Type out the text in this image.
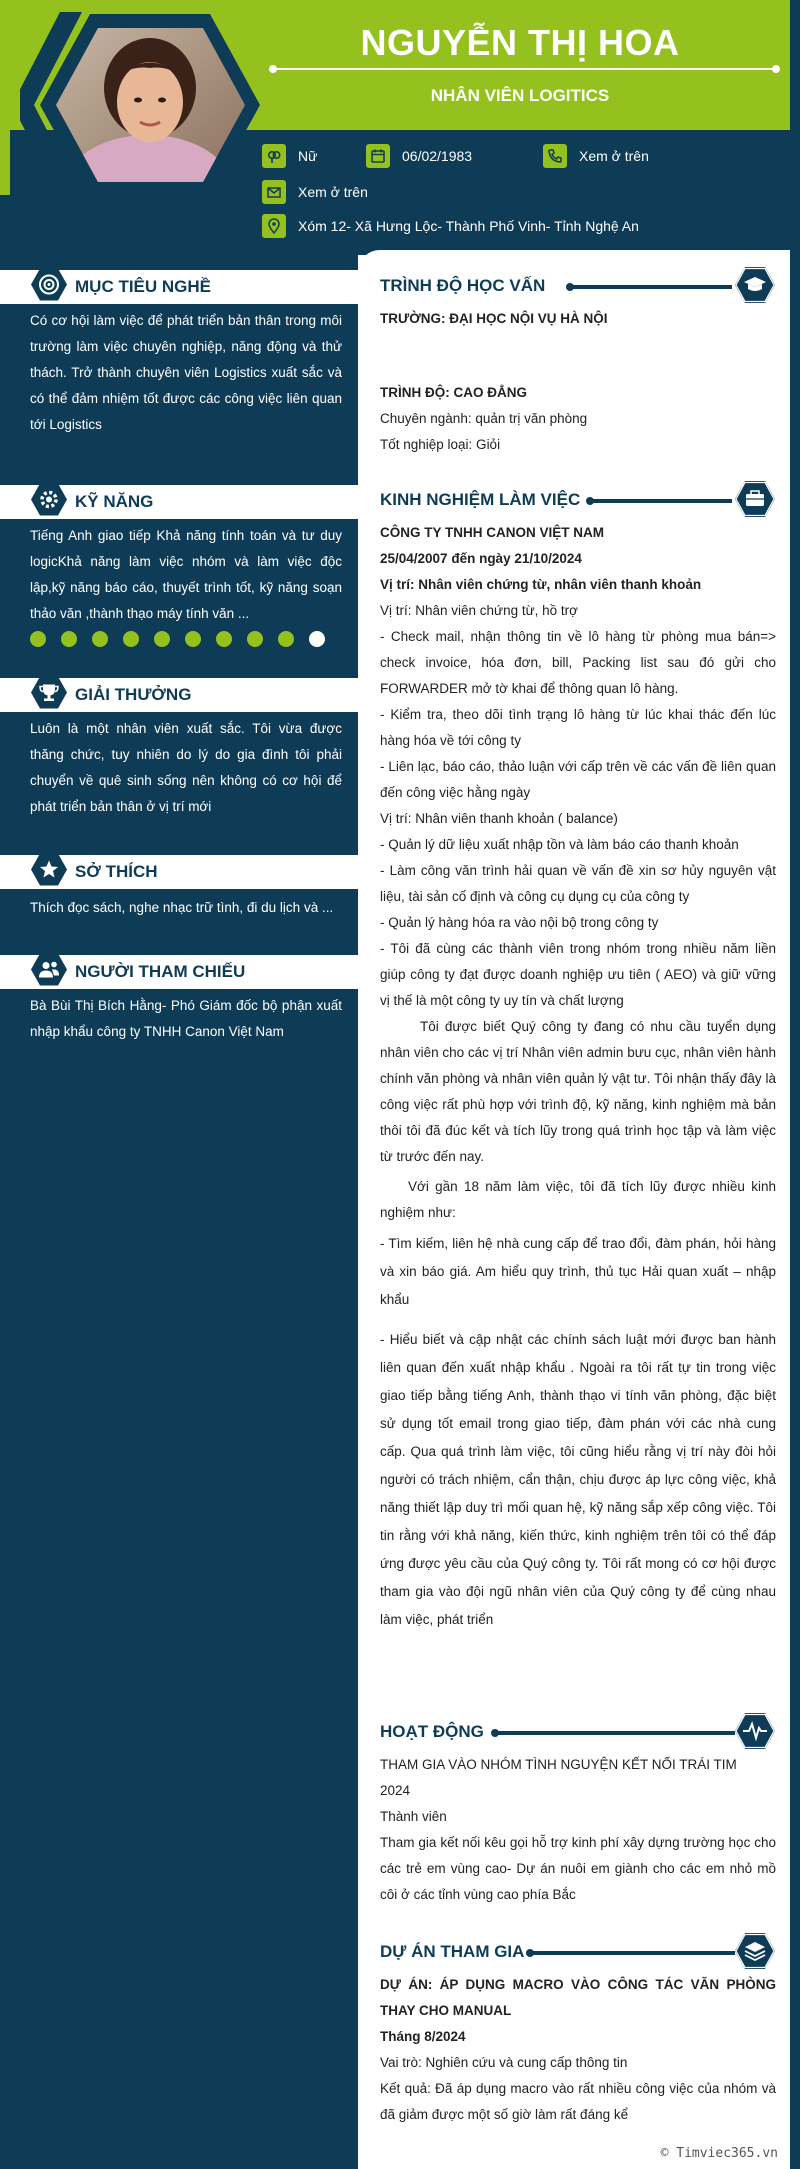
NGUYỄN THỊ HOA
NHÂN VIÊN LOGITICS
Nữ	06/02/1983	Xem ở trên
Xem ở trên
Xóm 12- Xã Hưng Lộc- Thành Phố Vinh- Tỉnh Nghệ An
MỤC TIÊU NGHỀ
Có cơ hội làm việc để phát triển bản thân trong môi trường làm việc chuyên nghiệp, năng động và thử thách. Trở thành chuyên viên Logistics xuất sắc và có thể đảm nhiệm tốt được các công việc liên quan tới Logistics
KỸ NĂNG
Tiếng Anh giao tiếp Khả năng tính toán và tư duy logicKhả năng làm việc nhóm và làm việc độc lập,kỹ năng báo cáo, thuyết trình tốt, kỹ năng soạn thảo văn ,thành thạo máy tính văn ...
GIẢI THƯỞNG
Luôn là một nhân viên xuất sắc. Tôi vừa được thăng chức, tuy nhiên do lý do gia đình tôi phải chuyển về quê sinh sống nên không có cơ hội để phát triển bản thân ở vị trí mới
SỞ THÍCH
Thích đọc sách, nghe nhạc trữ tình, đi du lịch và ...
NGƯỜI THAM CHIẾU
Bà Bùi Thị Bích Hằng- Phó Giám đốc bộ phận xuất nhập khẩu công ty TNHH Canon Việt Nam
TRÌNH ĐỘ HỌC VẤN

TRƯỜNG: ĐẠI HỌC NỘI VỤ HÀ NỘI

TRÌNH ĐỘ: CAO ĐẲNG

Chuyên ngành: quản trị văn phòng

Tốt nghiệp loại: Giỏi

KINH NGHIỆM LÀM VIỆC

CÔNG TY TNHH CANON VIỆT NAM

25/04/2007 đến ngày 21/10/2024

Vị trí: Nhân viên chứng từ, nhân viên thanh khoản

Vị trí: Nhân viên chứng từ, hồ trợ

- Check mail, nhận thông tin về lô hàng từ phòng mua bán=> check invoice, hóa đơn, bill, Packing list sau đó gửi cho FORWARDER mở tờ khai để thông quan lô hàng.

- Kiểm tra, theo dõi tình trạng lô hàng từ lúc khai thác đến lúc hàng hóa về tới công ty

- Liên lạc, báo cáo, thảo luận với cấp trên về các vấn đề liên quan đến công việc hằng ngày

Vị trí: Nhân viên thanh khoản ( balance)

- Quản lý dữ liệu xuất nhập tồn và làm báo cáo thanh khoản

- Làm công văn trình hải quan về vấn đề xin sơ hủy nguyên vật liệu, tài sản cố định và công cụ dụng cụ của công ty

- Quản lý hàng hóa ra vào nội bộ trong công ty

- Tôi đã cùng các thành viên trong nhóm trong nhiều năm liền giúp công ty đạt được doanh nghiệp ưu tiên ( AEO) và giữ vững vị thế là một công ty uy tín và chất lượng

Tôi được biết Quý công ty đang có nhu cầu tuyển dụng nhân viên cho các vị trí Nhân viên admin bưu cục, nhân viên hành chính văn phòng và nhân viên quản lý vật tư. Tôi nhận thấy đây là công việc rất phù hợp với trình độ, kỹ năng, kinh nghiệm mà bản thôi tôi đã đúc kết và tích lũy trong quá trình học tập và làm việc từ trước đến nay.

Với gần 18 năm làm việc, tôi đã tích lũy được nhiều kinh nghiệm như:

- Tìm kiếm, liên hệ nhà cung cấp để trao đổi, đàm phán, hỏi hàng và xin báo giá. Am hiểu quy trình, thủ tục Hải quan xuất – nhập khẩu

- Hiểu biết và cập nhật các chính sách luật mới được ban hành liên quan đến xuất nhập khẩu . Ngoài ra tôi rất tự tin trong việc giao tiếp bằng tiếng Anh, thành thạo vi tính văn phòng, đặc biệt sử dụng tốt email trong giao tiếp, đàm phán với các nhà cung cấp. Qua quá trình làm việc, tôi cũng hiểu rằng vị trí này đòi hỏi người có trách nhiệm, cẩn thận, chịu được áp lực công việc, khả năng thiết lập duy trì mối quan hệ, kỹ năng sắp xếp công việc. Tôi tin rằng với khả năng, kiến thức, kinh nghiệm trên tôi có thể đáp ứng được yêu cầu của Quý công ty. Tôi rất mong có cơ hội được tham gia vào đội ngũ nhân viên của Quý công ty để cùng nhau làm việc, phát triển

HOẠT ĐỘNG

THAM GIA VÀO NHÓM TÌNH NGUYỆN KẾT NỐI TRÁI TIM

2024

Thành viên

Tham gia kết nối kêu gọi hỗ trợ kinh phí xây dựng trường học cho các trẻ em vùng cao- Dự án nuôi em giành cho các em nhỏ mồ côi ở các tỉnh vùng cao phía Bắc

DỰ ÁN THAM GIA

DỰ ÁN: ÁP DỤNG MACRO VÀO CÔNG TÁC VĂN PHÒNG THAY CHO MANUAL

Tháng 8/2024

Vai trò: Nghiên cứu và cung cấp thông tin

Kết quả: Đã áp dụng macro vào rất nhiều công việc của nhóm và đã giảm được một số giờ làm rất đáng kể

© Timviec365.vn
